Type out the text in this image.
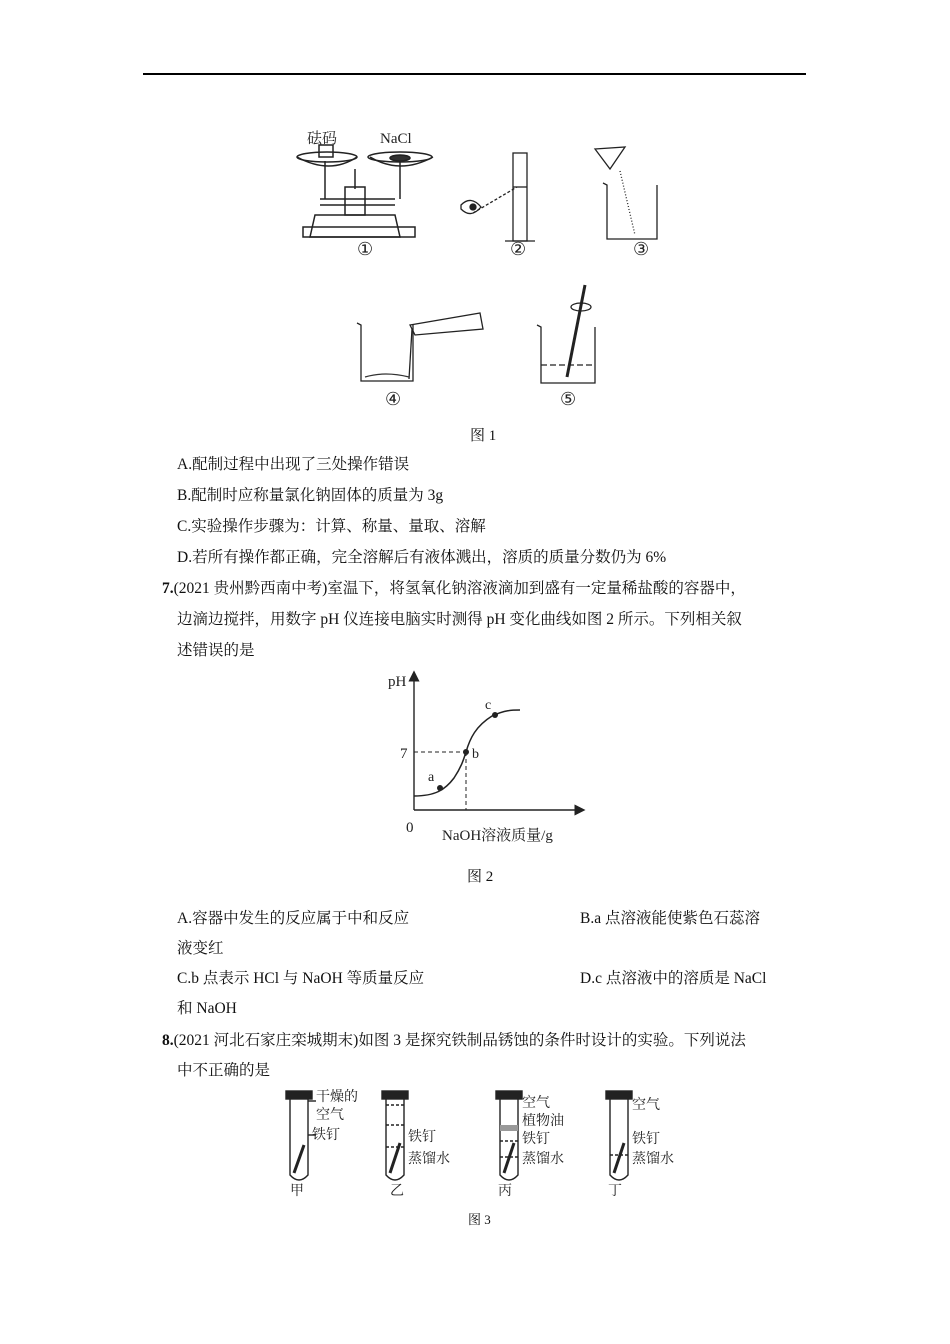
砝码	NaCl
①	②	③
④	⑤
图 1
A.配制过程中出现了三处操作错误
B.配制时应称量氯化钠固体的质量为 3g
C.实验操作步骤为：计算、称量、量取、溶解
D.若所有操作都正确，完全溶解后有液体溅出，溶质的质量分数仍为 6%
7.(2021 贵州黔西南中考)室温下，将氢氧化钠溶液滴加到盛有一定量稀盐酸的容器中，
边滴边搅拌，用数字 pH 仪连接电脑实时测得 pH 变化曲线如图 2 所示。下列相关叙
述错误的是
pH
7
0 NaOH溶液质量/g
a
b
c
图 2
A.容器中发生的反应属于中和反应	B.a 点溶液能使紫色石蕊溶
液变红
C.b 点表示 HCl 与 NaOH 等质量反应	D.c 点溶液中的溶质是 NaCl
和 NaOH
8.(2021 河北石家庄栾城期末)如图 3 是探究铁制品锈蚀的条件时设计的实验。下列说法
中不正确的是
干燥的
空气
铁钉
甲
铁钉
蒸馏水
乙
空气
植物油
铁钉
蒸馏水
丙
空气
铁钉
蒸馏水
丁
图 3
